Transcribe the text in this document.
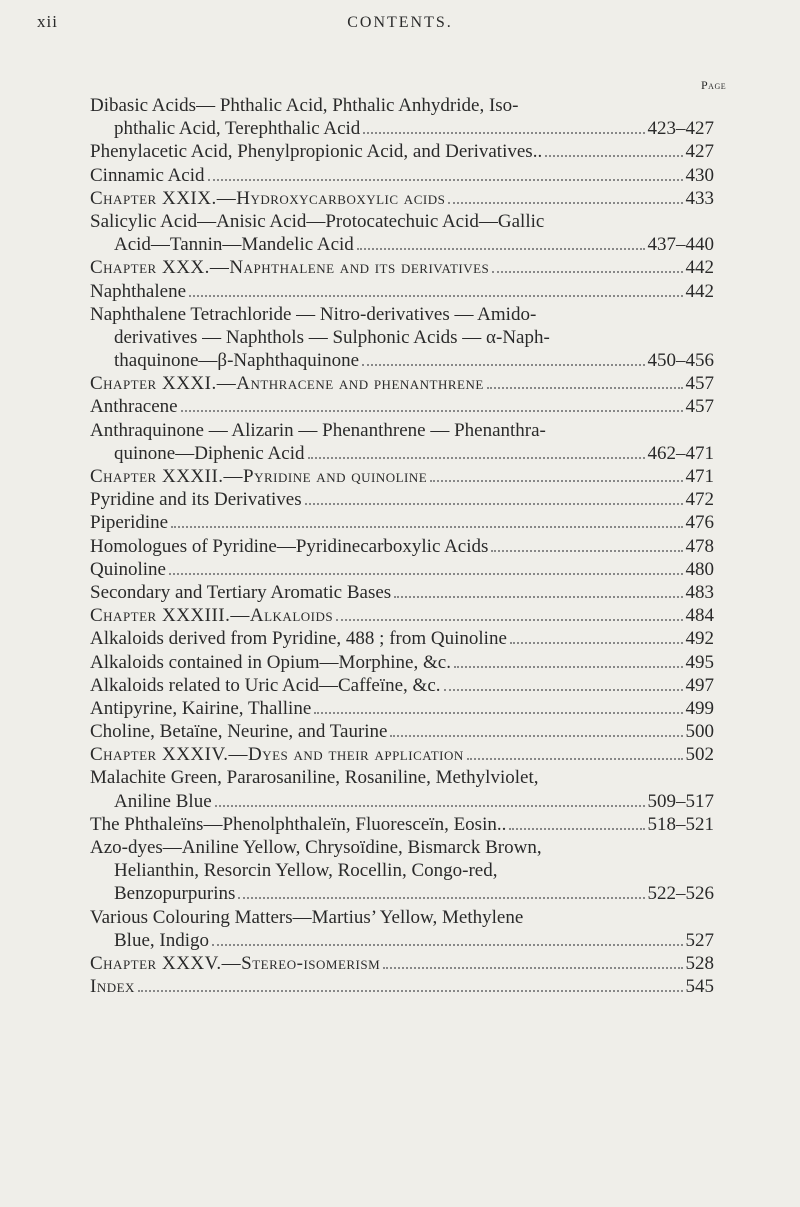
xii	CONTENTS.
Page
Dibasic Acids— Phthalic Acid, Phthalic Anhydride, Iso-
phthalic Acid, Terephthalic Acid	423–427
Phenylacetic Acid, Phenylpropionic Acid, and Derivatives..	427
Cinnamic Acid	430
Chapter XXIX.—Hydroxycarboxylic acids	433
Salicylic Acid—Anisic Acid—Protocatechuic Acid—Gallic
Acid—Tannin—Mandelic Acid	437–440
Chapter XXX.—Naphthalene and its derivatives	442
Naphthalene	442
Naphthalene Tetrachloride — Nitro-derivatives — Amido-
derivatives — Naphthols — Sulphonic Acids — α-Naph-
thaquinone—β-Naphthaquinone	450–456
Chapter XXXI.—Anthracene and phenanthrene	457
Anthracene	457
Anthraquinone — Alizarin — Phenanthrene — Phenanthra-
quinone—Diphenic Acid	462–471
Chapter XXXII.—Pyridine and quinoline	471
Pyridine and its Derivatives	472
Piperidine	476
Homologues of Pyridine—Pyridinecarboxylic Acids	478
Quinoline	480
Secondary and Tertiary Aromatic Bases	483
Chapter XXXIII.—Alkaloids	484
Alkaloids derived from Pyridine, 488 ; from Quinoline	492
Alkaloids contained in Opium—Morphine, &c.	495
Alkaloids related to Uric Acid—Caffeïne, &c.	497
Antipyrine, Kairine, Thalline	499
Choline, Betaïne, Neurine, and Taurine	500
Chapter XXXIV.—Dyes and their application	502
Malachite Green, Pararosaniline, Rosaniline, Methylviolet,
Aniline Blue	509–517
The Phthaleïns—Phenolphthaleïn, Fluoresceïn, Eosin..	518–521
Azo-dyes—Aniline Yellow, Chrysoïdine, Bismarck Brown,
Helianthin, Resorcin Yellow, Rocellin, Congo-red,
Benzopurpurins	522–526
Various Colouring Matters—Martius’ Yellow, Methylene
Blue, Indigo	527
Chapter XXXV.—Stereo-isomerism	528
Index	545
